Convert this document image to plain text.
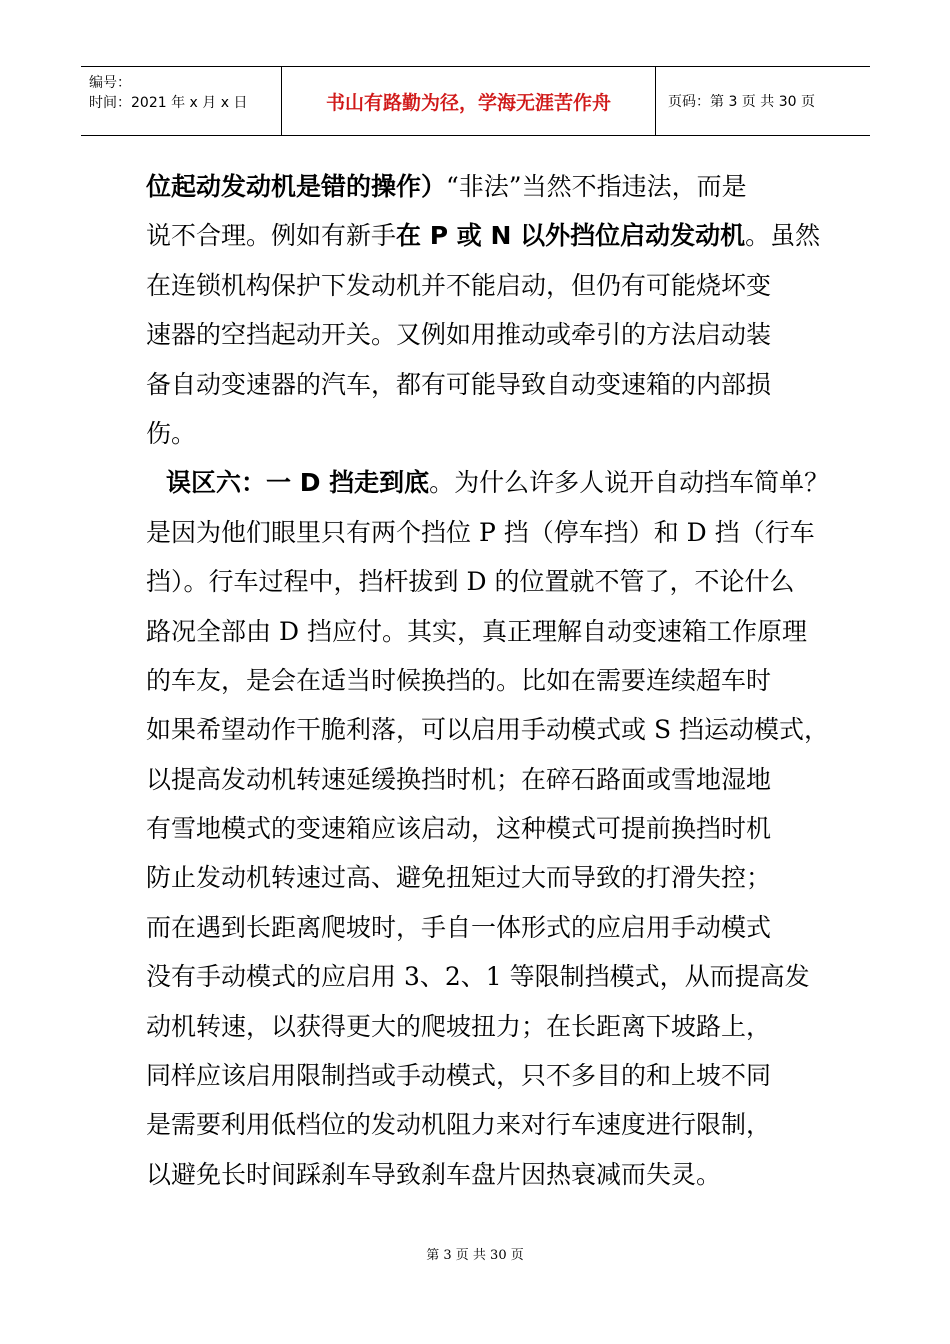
编号：
时间：2021 年 x 月 x 日	书山有路勤为径，学海无涯苦作舟	页码：第 3 页 共 30 页
位起动发动机是错的操作）“非法”当然不指违法，而是
说不合理。例如有新手在 P 或 N 以外挡位启动发动机。虽然
在连锁机构保护下发动机并不能启动，但仍有可能烧坏变
速器的空挡起动开关。又例如用推动或牵引的方法启动装
备自动变速器的汽车，都有可能导致自动变速箱的内部损
伤。
误区六：一 D 挡走到底。为什么许多人说开自动挡车简单？
是因为他们眼里只有两个挡位 P 挡（停车挡）和 D 挡（行车
挡）。行车过程中，挡杆拔到 D 的位置就不管了，不论什么
路况全部由 D 挡应付。其实，真正理解自动变速箱工作原理
的车友，是会在适当时候换挡的。比如在需要连续超车时
如果希望动作干脆利落，可以启用手动模式或 S 挡运动模式，
以提高发动机转速延缓换挡时机；在碎石路面或雪地湿地
有雪地模式的变速箱应该启动，这种模式可提前换挡时机
防止发动机转速过高、避免扭矩过大而导致的打滑失控；
而在遇到长距离爬坡时，手自一体形式的应启用手动模式
没有手动模式的应启用 3、2、1 等限制挡模式，从而提高发
动机转速，以获得更大的爬坡扭力；在长距离下坡路上，
同样应该启用限制挡或手动模式，只不多目的和上坡不同
是需要利用低档位的发动机阻力来对行车速度进行限制，
以避免长时间踩刹车导致刹车盘片因热衰减而失灵。
第 3 页 共 30 页
